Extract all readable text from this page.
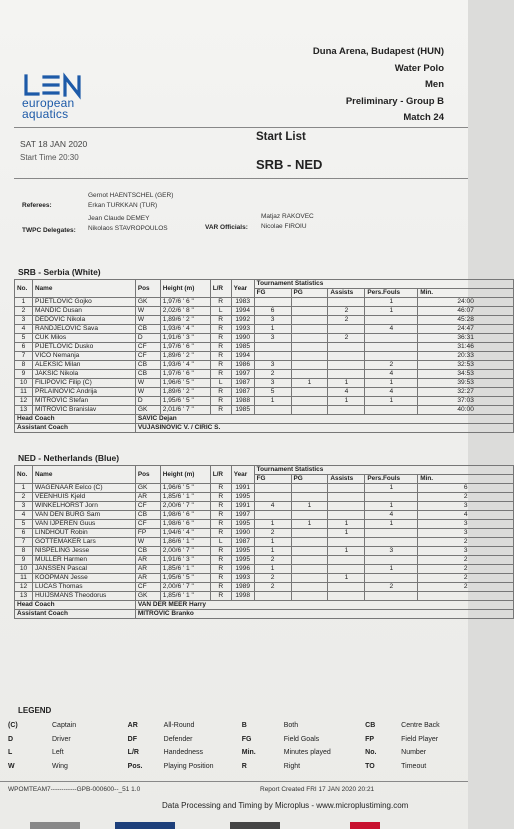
Duna Arena, Budapest (HUN)
Water Polo
Men
Preliminary - Group B
Match 24
european
aquatics
SAT 18 JAN 2020
Start Time 20:30
Start List
SRB - NED
Referees:
Gernot HAENTSCHEL (GER)
Erkan TURKKAN (TUR)
TWPC Delegates:
Jean Claude DEMEY
Nikolaos STAVROPOULOS	VAR Officials:
Matjaz RAKOVEC
Nicolae FIROIU
SRB - Serbia (White)
No.	Name	Pos	Height (m)	L/R	Year	Tournament Statistics				
						FG	PG	Assists	Pers.Fouls	Min.
1	PIJETLOVIC Gojko	GK	1,97/6 ' 6 "	R	1983				1	24:00
2	MANDIC Dusan	W	2,02/6 ' 8 "	L	1994	6		2	1	46:07
3	DEDOVIC Nikola	W	1,89/6 ' 2 "	R	1992	3		2		45:28
4	RANDJELOVIC Sava	CB	1,93/6 ' 4 "	R	1993	1			4	24:47
5	CUK Milos	D	1,91/6 ' 3 "	R	1990	3		2		36:31
6	PIJETLOVIC Dusko	CF	1,97/6 ' 6 "	R	1985					31:46
7	VICO Nemanja	CF	1,89/6 ' 2 "	R	1994					20:33
8	ALEKSIC Milan	CB	1,93/6 ' 4 "	R	1986	3			2	32:53
9	JAKSIC Nikola	CB	1,97/6 ' 6 "	R	1997	2			4	34:53
10	FILIPOVIC Filip (C)	W	1,96/6 ' 5 "	L	1987	3	1	1	1	39:53
11	PRLAINOVIC Andrija	W	1,89/6 ' 2 "	R	1987	5		4	4	32:27
12	MITROVIC Stefan	D	1,95/6 ' 5 "	R	1988	1		1	1	37:03
13	MITROVIC Branislav	GK	2,01/6 ' 7 "	R	1985					40:00
Head Coach		SAVIC Dejan								
Assistant Coach		VUJASINOVIC V. / CIRIC S.								
NED - Netherlands (Blue)
No.	Name	Pos	Height (m)	L/R	Year	Tournament Statistics				
						FG	PG	Assists	Pers.Fouls	Min.
1	WAGENAAR Eelco (C)	GK	1,96/6 ' 5 "	R	1991				1	6
2	VEENHUIS Kjeld	AR	1,85/6 ' 1 "	R	1995					2
3	WINKELHORST Jorn	CF	2,00/6 ' 7 "	R	1991	4	1		1	3
4	VAN DEN BURG Sam	CB	1,98/6 ' 6 "	R	1997				4	4
5	VAN IJPEREN Guus	CF	1,98/6 ' 6 "	R	1995	1	1	1	1	3
6	LINDHOUT Robin	FP	1,94/6 ' 4 "	R	1990	2		1		3
7	GOTTEMAKER Lars	W	1,86/6 ' 1 "	L	1987	1				2
8	NISPELING Jesse	CB	2,00/6 ' 7 "	R	1995	1		1	3	3
9	MULLER Harmen	AR	1,91/6 ' 3 "	R	1995	2				2
10	JANSSEN Pascal	AR	1,85/6 ' 1 "	R	1996	1			1	2
11	KOOPMAN Jesse	AR	1,95/6 ' 5 "	R	1993	2		1		2
12	LUCAS Thomas	CF	2,00/6 ' 7 "	R	1989	2			2	2
13	HUIJSMANS Theodorus	GK	1,85/6 ' 1 "	R	1998					
Head Coach		VAN DER MEER Harry								
Assistant Coach		MITROVIC Branko								
LEGEND
(C)	Captain	AR	All-Round	B	Both	CB	Centre Back
D	Driver	DF	Defender	FG	Field Goals	FP	Field Player
L	Left	L/R	Handedness	Min.	Minutes played	No.	Number
W	Wing	Pos.	Playing Position	R	Right	TO	Timeout
WPOMTEAM7------------GPB-000600--_51 1.0	Report Created FRI 17 JAN 2020 20:21
Data Processing and Timing by Microplus - www.microplustiming.com
